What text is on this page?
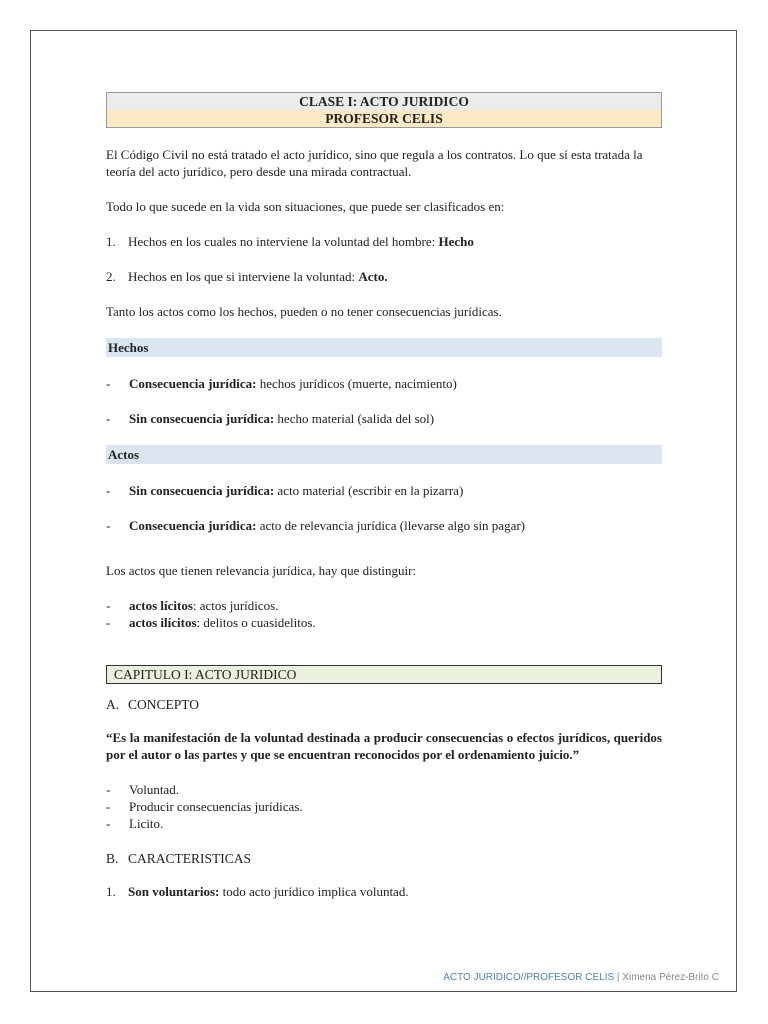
CLASE I: ACTO JURIDICO
PROFESOR CELIS

El Código Civil no está tratado el acto jurídico, sino que regula a los contratos. Lo que sí esta tratada la teoría del acto jurídico, pero desde una mirada contractual.

Todo lo que sucede en la vida son situaciones, que puede ser clasificados en:

1. Hechos en los cuales no interviene la voluntad del hombre: Hecho
2. Hechos en los que si interviene la voluntad: Acto.

Tanto los actos como los hechos, pueden o no tener consecuencias jurídicas.

Hechos
- Consecuencia jurídica: hechos jurídicos (muerte, nacimiento)
- Sin consecuencia jurídica: hecho material (salida del sol)
Actos
- Sin consecuencia jurídica: acto material (escribir en la pizarra)
- Consecuencia jurídica: acto de relevancia jurídica (llevarse algo sin pagar)

Los actos que tienen relevancia jurídica, hay que distinguir:

- actos lícitos: actos jurídicos.
- actos ilícitos: delitos o cuasidelitos.
CAPITULO I: ACTO JURIDICO
A. CONCEPTO

“Es la manifestación de la voluntad destinada a producir consecuencias o efectos jurídicos, queridos por el autor o las partes y que se encuentran reconocidos por el ordenamiento juicio.”

- Voluntad.
- Producir consecuencias jurídicas.
- Licito.
B. CARACTERISTICAS
1. Son voluntarios: todo acto jurídico implica voluntad.
ACTO JURIDICO//PROFESOR CELIS | Ximena Pérez-Brito C
